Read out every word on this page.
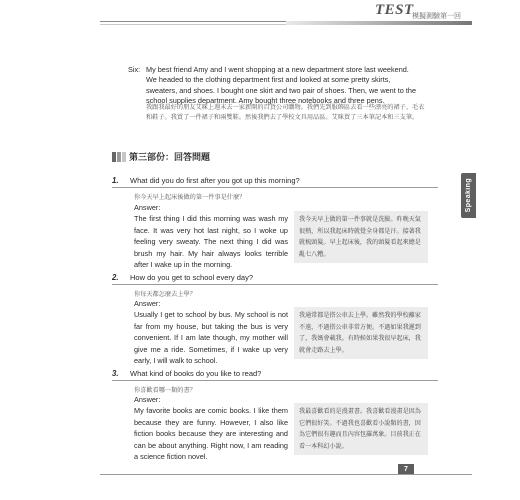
TEST
模擬測驗第一回
Six: My best friend Amy and I went shopping at a new department store last weekend. We headed to the clothing department first and looked at some pretty skirts, sweaters, and shoes. I bought one skirt and two pair of shoes. Then, we went to the school supplies department. Amy bought three notebooks and three pens.
我跟我最好的朋友艾咪上週末去一家新開的百貨公司購物。我們先到服飾區去看一些漂亮的裙子、毛衣和鞋子。我買了一件裙子和兩雙鞋。然後我們去了學校文具用品區。艾咪買了三本筆記本和三支筆。
第三部份：回答問題
Speaking
1.	What did you do first after you got up this morning?
你今天早上起床後做的第一件事是什麼？
Answer:
The first thing I did this morning was wash my face. It was very hot last night, so I woke up feeling very sweaty. The next thing I did was brush my hair. My hair always looks terrible after I wake up in the morning.
我今天早上做的第一件事就是洗臉。昨晚天氣很熱，所以我起床時就覺全身都是汗。接著我就梳頭髮。早上起床後，我的頭髮看起來總是亂七八糟。
2.	How do you get to school every day?
你每天都怎麼去上學？
Answer:
Usually I get to school by bus. My school is not far from my house, but taking the bus is very convenient. If I am late though, my mother will give me a ride. Sometimes, if I wake up very early, I will walk to school.
我通常都是搭公車去上學。雖然我的學校離家不遠，不過搭公車非常方便。不過如果我遲到了，我媽會載我。有時候如果我很早起床，我就會走路去上學。
3.	What kind of books do you like to read?
你喜歡看哪一類的書？
Answer:
My favorite books are comic books. I like them because they are funny. However, I also like fiction books because they are interesting and can be about anything. Right now, I am reading a science fiction novel.
我最喜歡看的是漫畫書。我喜歡看漫畫是因為它們很好笑。不過我也喜歡看小說類的書，因為它們很有趣而且內容包羅萬象。目前我正在看一本科幻小說。
7
